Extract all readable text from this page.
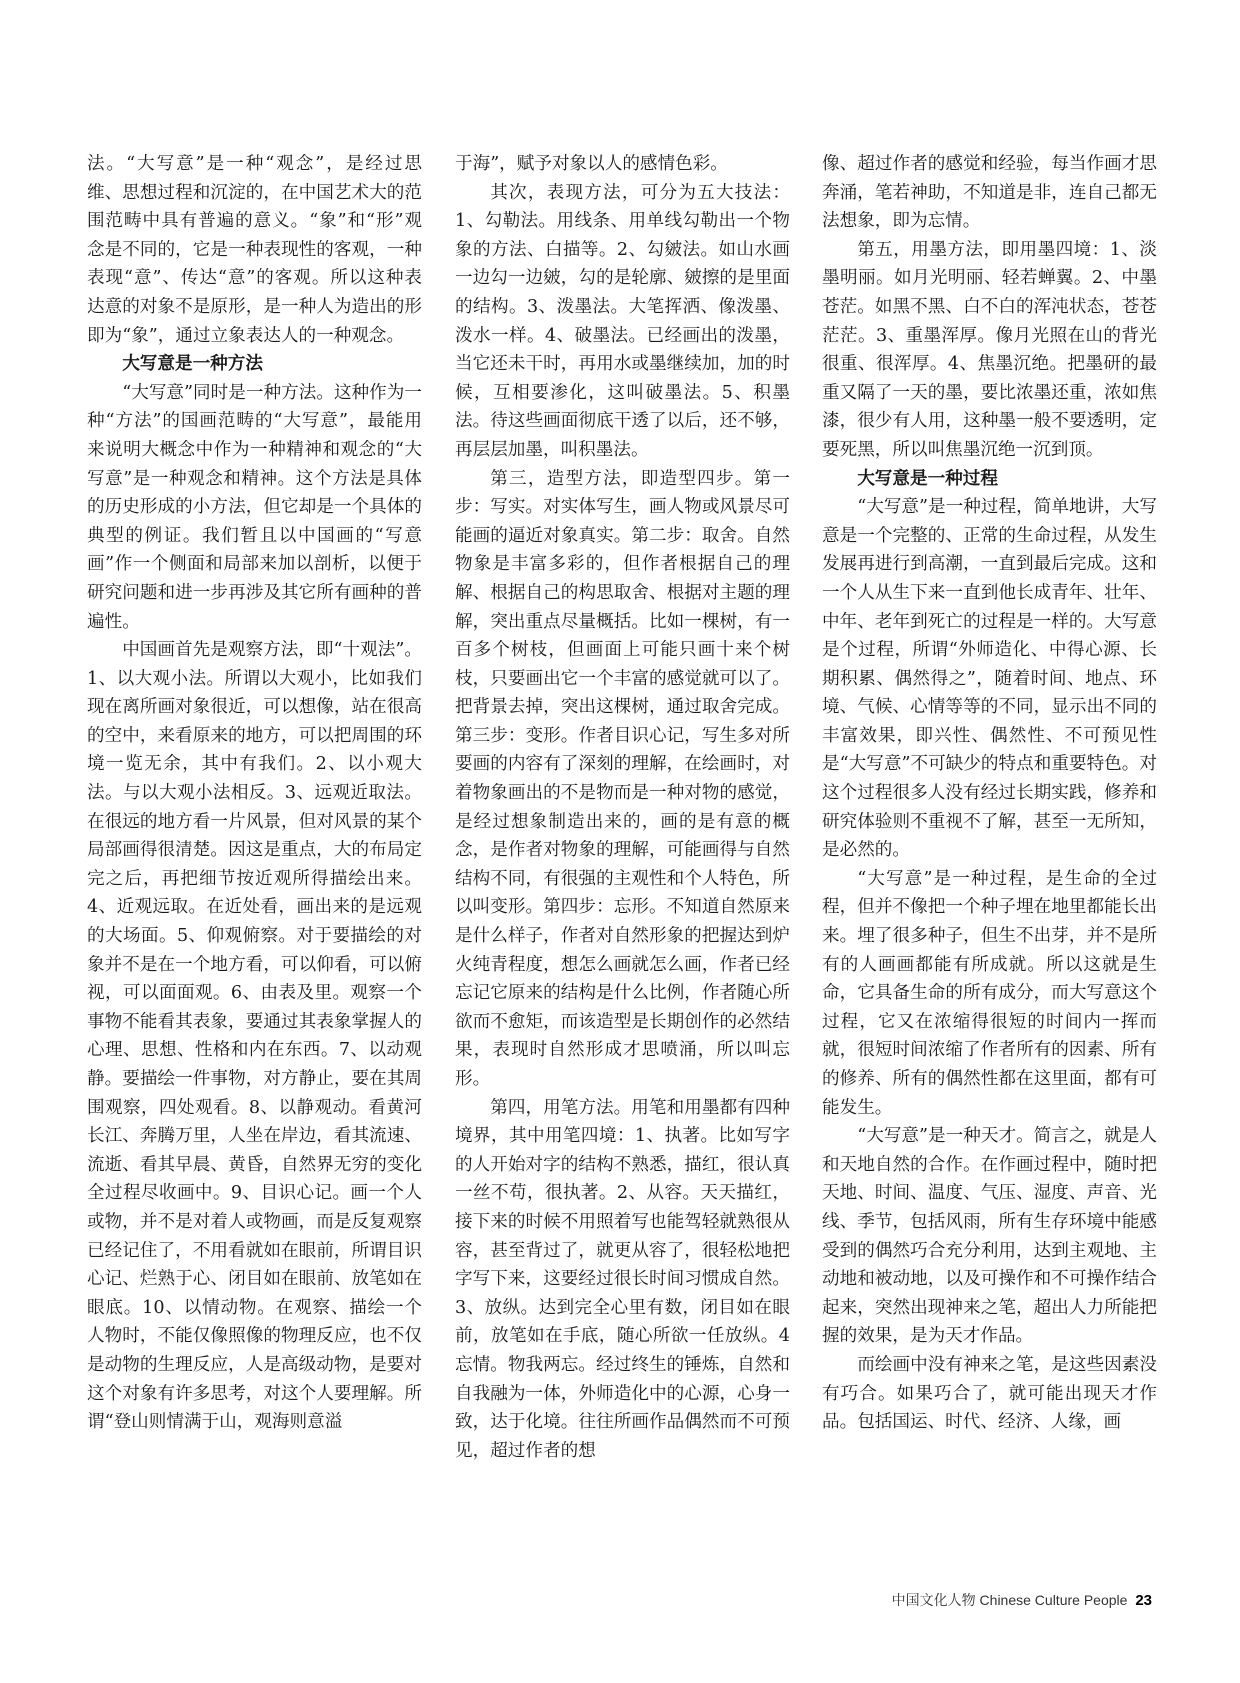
法。“大写意”是一种“观念”，是经过思维、思想过程和沉淀的，在中国艺术大的范围范畴中具有普遍的意义。“象”和“形”观念是不同的，它是一种表现性的客观，一种表现“意”、传达“意”的客观。所以这种表达意的对象不是原形，是一种人为造出的形即为“象”，通过立象表达人的一种观念。

大写意是一种方法

“大写意”同时是一种方法。这种作为一种“方法”的国画范畴的“大写意”，最能用来说明大概念中作为一种精神和观念的“大写意”是一种观念和精神。这个方法是具体的历史形成的小方法，但它却是一个具体的典型的例证。我们暂且以中国画的“写意画”作一个侧面和局部来加以剖析，以便于研究问题和进一步再涉及其它所有画种的普遍性。

中国画首先是观察方法，即“十观法”。1、以大观小法。所谓以大观小，比如我们现在离所画对象很近，可以想像，站在很高的空中，来看原来的地方，可以把周围的环境一览无余，其中有我们。2、以小观大法。与以大观小法相反。3、远观近取法。在很远的地方看一片风景，但对风景的某个局部画得很清楚。因这是重点，大的布局定完之后，再把细节按近观所得描绘出来。4、近观远取。在近处看，画出来的是远观的大场面。5、仰观俯察。对于要描绘的对象并不是在一个地方看，可以仰看，可以俯视，可以面面观。6、由表及里。观察一个事物不能看其表象，要通过其表象掌握人的心理、思想、性格和内在东西。7、以动观静。要描绘一件事物，对方静止，要在其周围观察，四处观看。8、以静观动。看黄河长江、奔腾万里，人坐在岸边，看其流速、流逝、看其早晨、黄昏，自然界无穷的变化全过程尽收画中。9、目识心记。画一个人或物，并不是对着人或物画，而是反复观察已经记住了，不用看就如在眼前，所谓目识心记、烂熟于心、闭目如在眼前、放笔如在眼底。10、以情动物。在观察、描绘一个人物时，不能仅像照像的物理反应，也不仅是动物的生理反应，人是高级动物，是要对这个对象有许多思考，对这个人要理解。所谓“登山则情满于山，观海则意溢

于海”，赋予对象以人的感情色彩。

其次，表现方法，可分为五大技法：1、勾勒法。用线条、用单线勾勒出一个物象的方法、白描等。2、勾皴法。如山水画一边勾一边皴，勾的是轮廓、皴擦的是里面的结构。3、泼墨法。大笔挥洒、像泼墨、泼水一样。4、破墨法。已经画出的泼墨，当它还未干时，再用水或墨继续加，加的时候，互相要渗化，这叫破墨法。5、积墨法。待这些画面彻底干透了以后，还不够，再层层加墨，叫积墨法。

第三，造型方法，即造型四步。第一步：写实。对实体写生，画人物或风景尽可能画的逼近对象真实。第二步：取舍。自然物象是丰富多彩的，但作者根据自己的理解、根据自己的构思取舍、根据对主题的理解，突出重点尽量概括。比如一棵树，有一百多个树枝，但画面上可能只画十来个树枝，只要画出它一个丰富的感觉就可以了。把背景去掉，突出这棵树，通过取舍完成。第三步：变形。作者目识心记，写生多对所要画的内容有了深刻的理解，在绘画时，对着物象画出的不是物而是一种对物的感觉，是经过想象制造出来的，画的是有意的概念，是作者对物象的理解，可能画得与自然结构不同，有很强的主观性和个人特色，所以叫变形。第四步：忘形。不知道自然原来是什么样子，作者对自然形象的把握达到炉火纯青程度，想怎么画就怎么画，作者已经忘记它原来的结构是什么比例，作者随心所欲而不愈矩，而该造型是长期创作的必然结果，表现时自然形成才思喷涌，所以叫忘形。

第四，用笔方法。用笔和用墨都有四种境界，其中用笔四境：1、执著。比如写字的人开始对字的结构不熟悉，描红，很认真一丝不苟，很执著。2、从容。天天描红，接下来的时候不用照着写也能驾轻就熟很从容，甚至背过了，就更从容了，很轻松地把字写下来，这要经过很长时间习惯成自然。3、放纵。达到完全心里有数，闭目如在眼前，放笔如在手底，随心所欲一任放纵。4忘情。物我两忘。经过终生的锤炼，自然和自我融为一体，外师造化中的心源，心身一致，达于化境。往往所画作品偶然而不可预见，超过作者的想

像、超过作者的感觉和经验，每当作画才思奔涌，笔若神助，不知道是非，连自己都无法想象，即为忘情。

第五，用墨方法，即用墨四境：1、淡墨明丽。如月光明丽、轻若蝉翼。2、中墨苍茫。如黑不黑、白不白的浑沌状态，苍苍茫茫。3、重墨浑厚。像月光照在山的背光很重、很浑厚。4、焦墨沉绝。把墨研的最重又隔了一天的墨，要比浓墨还重，浓如焦漆，很少有人用，这种墨一般不要透明，定要死黑，所以叫焦墨沉绝一沉到顶。

大写意是一种过程

“大写意”是一种过程，简单地讲，大写意是一个完整的、正常的生命过程，从发生发展再进行到高潮，一直到最后完成。这和一个人从生下来一直到他长成青年、壮年、中年、老年到死亡的过程是一样的。大写意是个过程，所谓“外师造化、中得心源、长期积累、偶然得之”，随着时间、地点、环境、气候、心情等等的不同，显示出不同的丰富效果，即兴性、偶然性、不可预见性是“大写意”不可缺少的特点和重要特色。对这个过程很多人没有经过长期实践，修养和研究体验则不重视不了解，甚至一无所知，是必然的。

“大写意”是一种过程，是生命的全过程，但并不像把一个种子埋在地里都能长出来。埋了很多种子，但生不出芽，并不是所有的人画画都能有所成就。所以这就是生命，它具备生命的所有成分，而大写意这个过程，它又在浓缩得很短的时间内一挥而就，很短时间浓缩了作者所有的因素、所有的修养、所有的偶然性都在这里面，都有可能发生。

“大写意”是一种天才。简言之，就是人和天地自然的合作。在作画过程中，随时把天地、时间、温度、气压、湿度、声音、光线、季节，包括风雨，所有生存环境中能感受到的偶然巧合充分利用，达到主观地、主动地和被动地，以及可操作和不可操作结合起来，突然出现神来之笔，超出人力所能把握的效果，是为天才作品。

而绘画中没有神来之笔，是这些因素没有巧合。如果巧合了，就可能出现天才作品。包括国运、时代、经济、人缘，画

中国文化人物 Chinese Culture People 23
